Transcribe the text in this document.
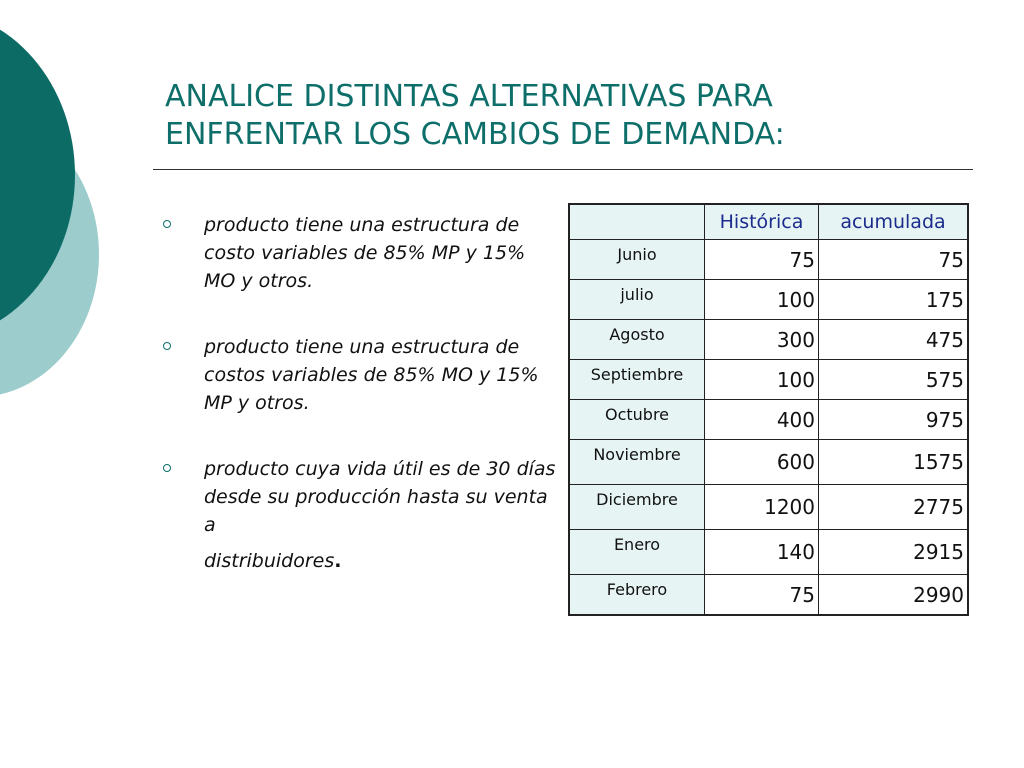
ANALICE DISTINTAS ALTERNATIVAS PARA
ENFRENTAR LOS CAMBIOS DE DEMANDA:
producto tiene una estructura de costo variables de 85% MP y 15% MO y otros.
producto tiene una estructura de costos variables de 85% MO y 15% MP y otros.
producto cuya vida útil es de 30 días desde su producción hasta su venta a
distribuidores.
	Histórica	acumulada
Junio	75	75
julio	100	175
Agosto	300	475
Septiembre	100	575
Octubre	400	975
Noviembre	600	1575
Diciembre	1200	2775
Enero	140	2915
Febrero	75	2990
